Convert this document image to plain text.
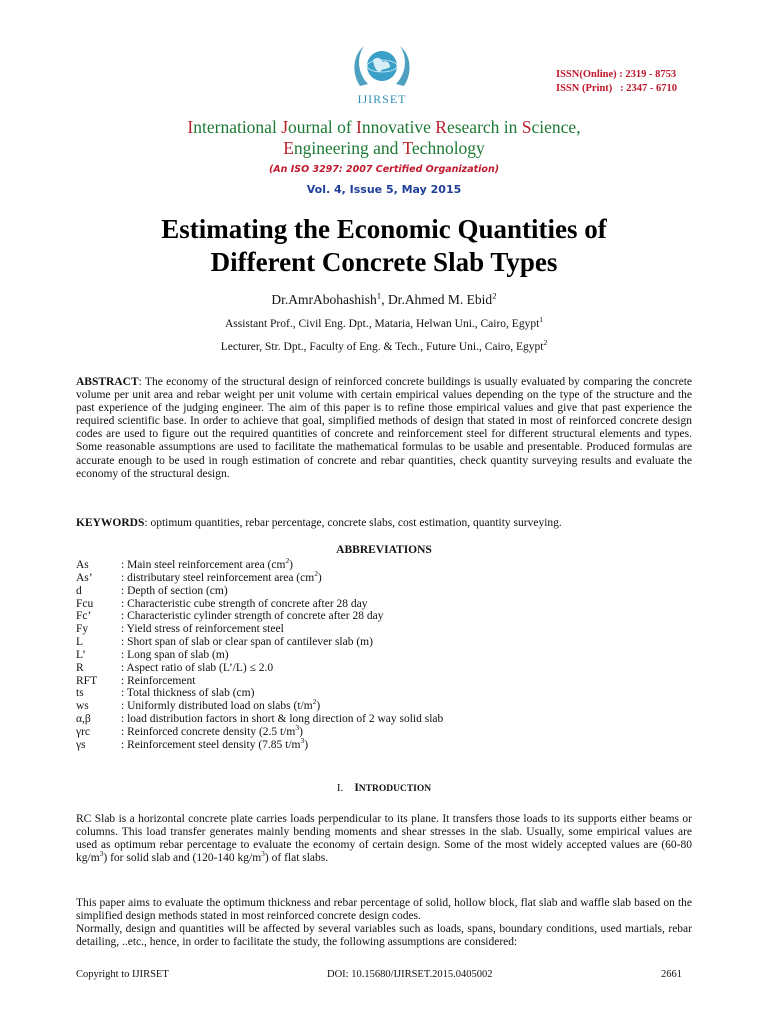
IJIRSET
ISSN(Online) : 2319 - 8753
ISSN (Print)   : 2347 - 6710
International Journal of Innovative Research in Science,
Engineering and Technology
(An ISO 3297: 2007 Certified Organization)
Vol. 4, Issue 5, May 2015
Estimating the Economic Quantities of
Different Concrete Slab Types
Dr.AmrAbohashish$^1$, Dr.Ahmed M. Ebid$^2$
Assistant Prof., Civil Eng. Dpt., Mataria, Helwan Uni., Cairo, Egypt$^1$
Lecturer, Str. Dpt., Faculty of Eng. & Tech., Future Uni., Cairo, Egypt$^2$
ABSTRACT: The economy of the structural design of reinforced concrete buildings is usually evaluated by comparing the concrete volume per unit area and rebar weight per unit volume with certain empirical values depending on the type of the structure and the past experience of the judging engineer. The aim of this paper is to refine those empirical values and give that past experience the required scientific base. In order to achieve that goal, simplified methods of design that stated in most of reinforced concrete design codes are used to figure out the required quantities of concrete and reinforcement steel for different structural elements and types. Some reasonable assumptions are used to facilitate the mathematical formulas to be usable and presentable. Produced formulas are accurate enough to be used in rough estimation of concrete and rebar quantities, check quantity surveying results and evaluate the economy of the structural design.
KEYWORDS: optimum quantities, rebar percentage, concrete slabs, cost estimation, quantity surveying.
ABBREVIATIONS
As	: Main steel reinforcement area $(cm^2)$
As’ : distributary steel reinforcement area $(cm^2)$
d	: Depth of section (cm)
Fcu : Characteristic cube strength of concrete after 28 day
Fc’	: Characteristic cylinder strength of concrete after 28 day
Fy	: Yield stress of reinforcement steel
L	: Short span of slab or clear span of cantilever slab (m)
L’	: Long span of slab (m)
R	: Aspect ratio of slab (L’/L) ≤ 2.0
RFT : Reinforcement
ts	: Total thickness of slab (cm)
ws	: Uniformly distributed load on slabs $(t/m^2)$
α,β	: load distribution factors in short & long direction of 2 way solid slab
γrc	: Reinforced concrete density (2.5 $t/m^3$)
γs	: Reinforcement steel density (7.85 $t/m^3$)
I. INTRODUCTION
RC Slab is a horizontal concrete plate carries loads perpendicular to its plane. It transfers those loads to its supports either beams or columns. This load transfer generates mainly bending moments and shear stresses in the slab. Usually, some empirical values are used as optimum rebar percentage to evaluate the economy of certain design. Some of the most widely accepted values are (60-80 $kg/m^3$) for solid slab and (120-140 $kg/m^3$) of flat slabs.
This paper aims to evaluate the optimum thickness and rebar percentage of solid, hollow block, flat slab and waffle slab based on the simplified design methods stated in most reinforced concrete design codes.
Normally, design and quantities will be affected by several variables such as loads, spans, boundary conditions, used martials, rebar detailing, ..etc., hence, in order to facilitate the study, the following assumptions are considered:
Copyright to IJIRSET	DOI: 10.15680/IJIRSET.2015.0405002	2661
